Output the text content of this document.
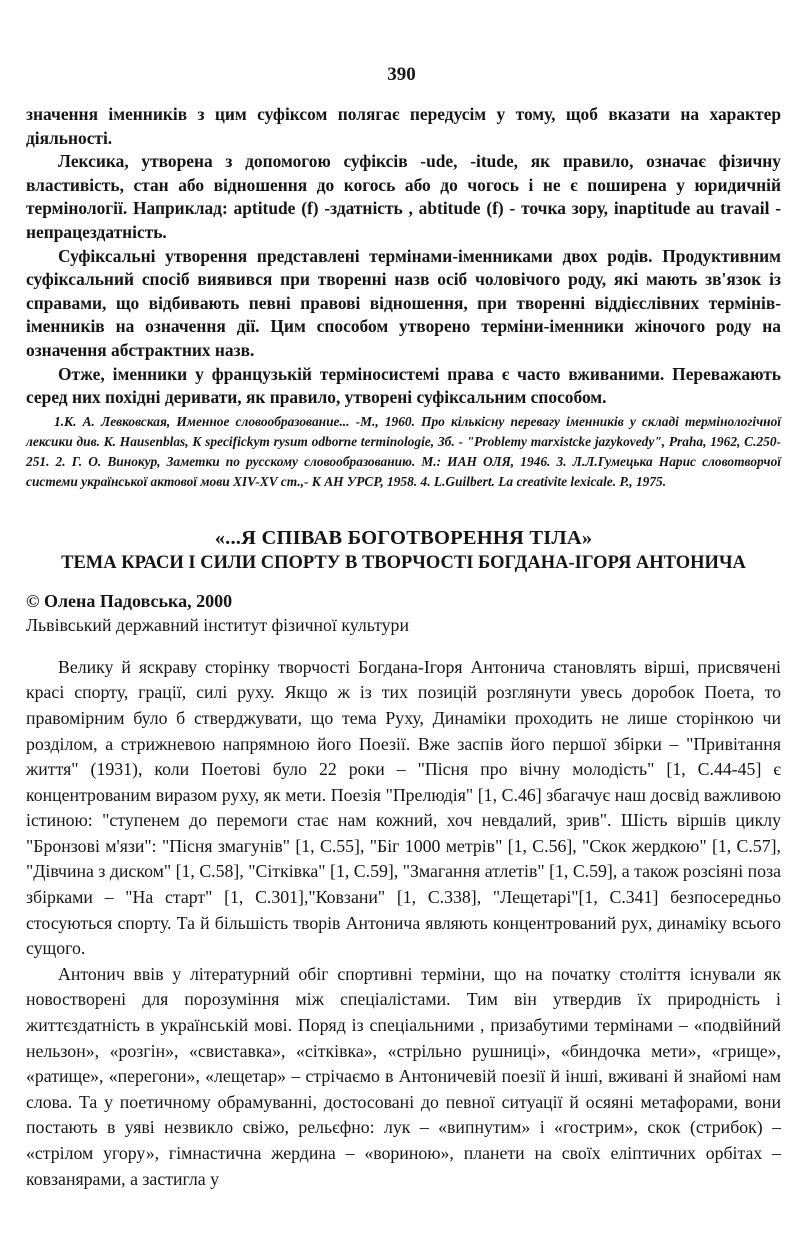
390

значення іменників з цим суфіксом полягає передусім у тому, щоб вказати на характер діяльності.

Лексика, утворена з допомогою суфіксів -ude, -itude, як правило, означає фізичну властивість, стан або відношення до когось або до чогось і не є поширена у юридичній термінології. Наприклад: aptitude (f) -здатність , abtitude (f) - точка зору, inaptitude au travail - непрацездатність.

Суфіксальні утворення представлені термінами-іменниками двох родів. Продуктивним суфіксальний спосіб виявився при творенні назв осіб чоловічого роду, які мають зв'язок із справами, що відбивають певні правові відношення, при творенні віддієслівних термінів-іменників на означення дії. Цим способом утворено терміни-іменники жіночого роду на означення абстрактних назв.

Отже, іменники у французькій терміносистемі права є часто вживаними. Переважають серед них похідні деривати, як правило, утворені суфіксальним способом.

1.К. А. Левковская, Именное словообразование... -М., 1960. Про кількісну перевагу іменників у складі термінологічної лексики див. K. Hausenblas, K specifickym rysum odborne terminologie, Зб. - "Problemy marxistcke jazykovedy", Praha, 1962, С.250-251. 2. Г. О. Винокур, Заметки по русскому словообразованию. М.: ИАН ОЛЯ, 1946. 3. Л.Л.Гумецька Нарис словотворчої системи української актової мови XIV-XV ст.,- К АН УРСР, 1958. 4. L.Guilbert. La creativite lexicale. P., 1975.
«...Я СПІВАВ БОГОТВОРЕННЯ ТІЛА»
ТЕМА КРАСИ І СИЛИ СПОРТУ В ТВОРЧОСТІ БОГДАНА-ІГОРЯ АНТОНИЧА
© Олена Падовська, 2000
Львівський державний інститут фізичної культури

Велику й яскраву сторінку творчості Богдана-Ігоря Антонича становлять вірші, присвячені красі спорту, грації, силі руху. Якщо ж із тих позицій розглянути увесь доробок Поета, то правомірним було б стверджувати, що тема Руху, Динаміки проходить не лише сторінкою чи розділом, а стрижневою напрямною його Поезії. Вже заспів його першої збірки – "Привітання життя" (1931), коли Поетові було 22 роки – "Пісня про вічну молодість" [1, С.44-45] є концентрованим виразом руху, як мети. Поезія "Прелюдія" [1, С.46] збагачує наш досвід важливою істиною: "ступенем до перемоги стає нам кожний, хоч невдалий, зрив". Шість віршів циклу "Бронзові м'язи": "Пісня змагунів" [1, С.55], "Біг 1000 метрів" [1, С.56], "Скок жердкою" [1, С.57], "Дівчина з диском" [1, С.58], "Сітківка" [1, С.59], "Змагання атлетів" [1, С.59], а також розсіяні поза збірками – "На старт" [1, С.301],"Ковзани" [1, С.338], "Лещетарі"[1, С.341] безпосередньо стосуються спорту. Та й більшість творів Антонича являють концентрований рух, динаміку всього сущого.

Антонич ввів у літературний обіг спортивні терміни, що на початку століття існували як новостворені для порозуміння між спеціалістами. Тим він утвердив їх природність і життєздатність в українській мові. Поряд із спеціальними , призабутими термінами – «подвійний нельзон», «розгін», «свиставка», «сітківка», «стрільно рушниці», «биндочка мети», «грище», «ратище», «перегони», «лещетар» – стрічаємо в Антоничевій поезії й інші, вживані й знайомі нам слова. Та у поетичному обрамуванні, достосовані до певної ситуації й осяяні метафорами, вони постають в уяві незвикло свіжо, рельєфно: лук – «випнутим» і «гострим», скок (стрибок) – «стрілом угору», гімнастична жердина – «вориною», планети на своїх еліптичних орбітах – ковзанярами, а застигла у
